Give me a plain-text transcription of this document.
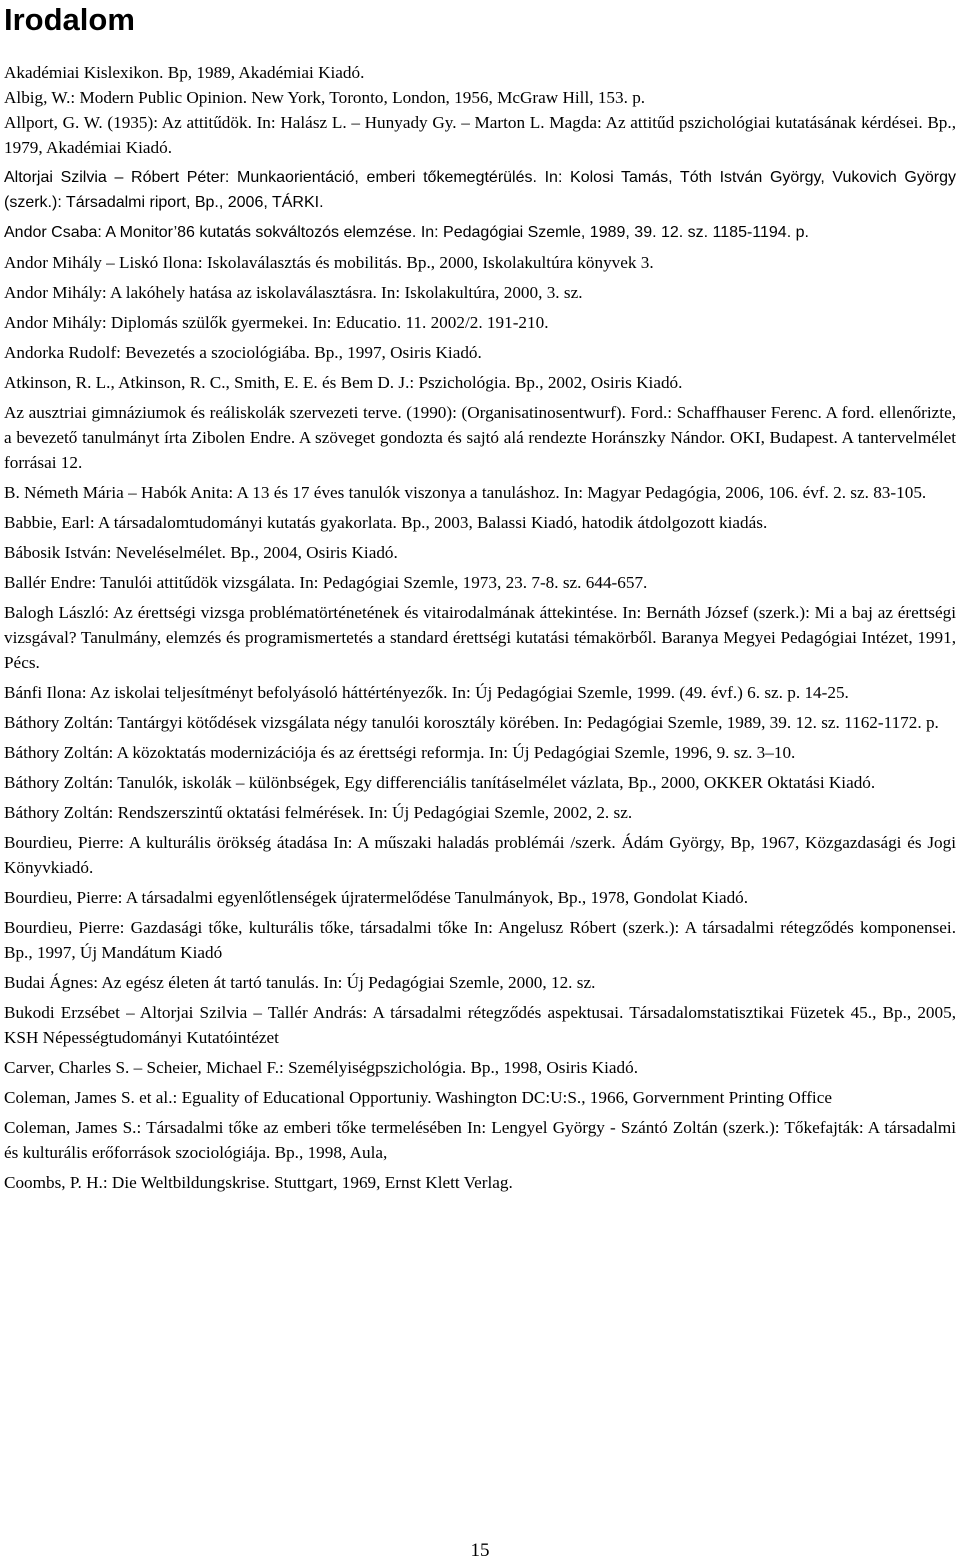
Irodalom

Akadémiai Kislexikon. Bp, 1989, Akadémiai Kiadó.

Albig, W.: Modern Public Opinion. New York, Toronto, London, 1956, McGraw Hill, 153. p.

Allport, G. W. (1935): Az attitűdök. In: Halász L. – Hunyady Gy. – Marton L. Magda: Az attitűd pszichológiai kutatásának kérdései. Bp., 1979, Akadémiai Kiadó.

Altorjai Szilvia – Róbert Péter: Munkaorientáció, emberi tőkemegtérülés. In: Kolosi Tamás, Tóth István György, Vukovich György (szerk.): Társadalmi riport, Bp., 2006, TÁRKI.

Andor Csaba: A Monitor’86 kutatás sokváltozós elemzése. In: Pedagógiai Szemle, 1989, 39. 12. sz. 1185-1194. p.

Andor Mihály – Liskó Ilona: Iskolaválasztás és mobilitás. Bp., 2000, Iskolakultúra könyvek 3.

Andor Mihály: A lakóhely hatása az iskolaválasztásra. In: Iskolakultúra, 2000, 3. sz.

Andor Mihály: Diplomás szülők gyermekei. In: Educatio. 11. 2002/2. 191-210.

Andorka Rudolf: Bevezetés a szociológiába. Bp., 1997, Osiris Kiadó.

Atkinson, R. L., Atkinson, R. C., Smith, E. E. és Bem D. J.: Pszichológia. Bp., 2002, Osiris Kiadó.

Az ausztriai gimnáziumok és reáliskolák szervezeti terve. (1990): (Organisatinosentwurf). Ford.: Schaffhauser Ferenc. A ford. ellenőrizte, a bevezető tanulmányt írta Zibolen Endre. A szöveget gondozta és sajtó alá rendezte Horánszky Nándor. OKI, Budapest. A tantervelmélet forrásai 12.

B. Németh Mária – Habók Anita: A 13 és 17 éves tanulók viszonya a tanuláshoz. In: Magyar Pedagógia, 2006, 106. évf. 2. sz. 83-105.

Babbie, Earl: A társadalomtudományi kutatás gyakorlata. Bp., 2003, Balassi Kiadó, hatodik átdolgozott kiadás.

Bábosik István: Neveléselmélet. Bp., 2004, Osiris Kiadó.

Ballér Endre: Tanulói attitűdök vizsgálata. In: Pedagógiai Szemle, 1973, 23. 7-8. sz. 644-657.

Balogh László: Az érettségi vizsga problématörténetének és vitairodalmának áttekintése. In: Bernáth József (szerk.): Mi a baj az érettségi vizsgával? Tanulmány, elemzés és programismertetés a standard érettségi kutatási témakörből. Baranya Megyei Pedagógiai Intézet, 1991, Pécs.

Bánfi Ilona: Az iskolai teljesítményt befolyásoló háttértényezők. In: Új Pedagógiai Szemle, 1999. (49. évf.) 6. sz. p. 14-25.

Báthory Zoltán: Tantárgyi kötődések vizsgálata négy tanulói korosztály körében. In: Pedagógiai Szemle, 1989, 39. 12. sz. 1162-1172. p.

Báthory Zoltán: A közoktatás modernizációja és az érettségi reformja. In: Új Pedagógiai Szemle, 1996, 9. sz. 3–10.

Báthory Zoltán: Tanulók, iskolák – különbségek, Egy differenciális tanításelmélet vázlata, Bp., 2000, OKKER Oktatási Kiadó.

Báthory Zoltán: Rendszerszintű oktatási felmérések. In: Új Pedagógiai Szemle, 2002, 2. sz.

Bourdieu, Pierre: A kulturális örökség átadása In: A műszaki haladás problémái /szerk. Ádám György, Bp, 1967, Közgazdasági és Jogi Könyvkiadó.

Bourdieu, Pierre: A társadalmi egyenlőtlenségek újratermelődése Tanulmányok, Bp., 1978, Gondolat Kiadó.

Bourdieu, Pierre: Gazdasági tőke, kulturális tőke, társadalmi tőke In: Angelusz Róbert (szerk.): A társadalmi rétegződés komponensei. Bp., 1997, Új Mandátum Kiadó

Budai Ágnes: Az egész életen át tartó tanulás. In: Új Pedagógiai Szemle, 2000, 12. sz.

Bukodi Erzsébet – Altorjai Szilvia – Tallér András: A társadalmi rétegződés aspektusai. Társadalomstatisztikai Füzetek 45., Bp., 2005, KSH Népességtudományi Kutatóintézet

Carver, Charles S. – Scheier, Michael F.: Személyiségpszichológia. Bp., 1998, Osiris Kiadó.

Coleman, James S. et al.: Eguality of Educational Opportuniy. Washington DC:U:S., 1966, Gorvernment Printing Office

Coleman, James S.: Társadalmi tőke az emberi tőke termelésében In: Lengyel György - Szántó Zoltán (szerk.): Tőkefajták: A társadalmi és kulturális erőforrások szociológiája. Bp., 1998, Aula,

Coombs, P. H.: Die Weltbildungskrise. Stuttgart, 1969, Ernst Klett Verlag.

15
